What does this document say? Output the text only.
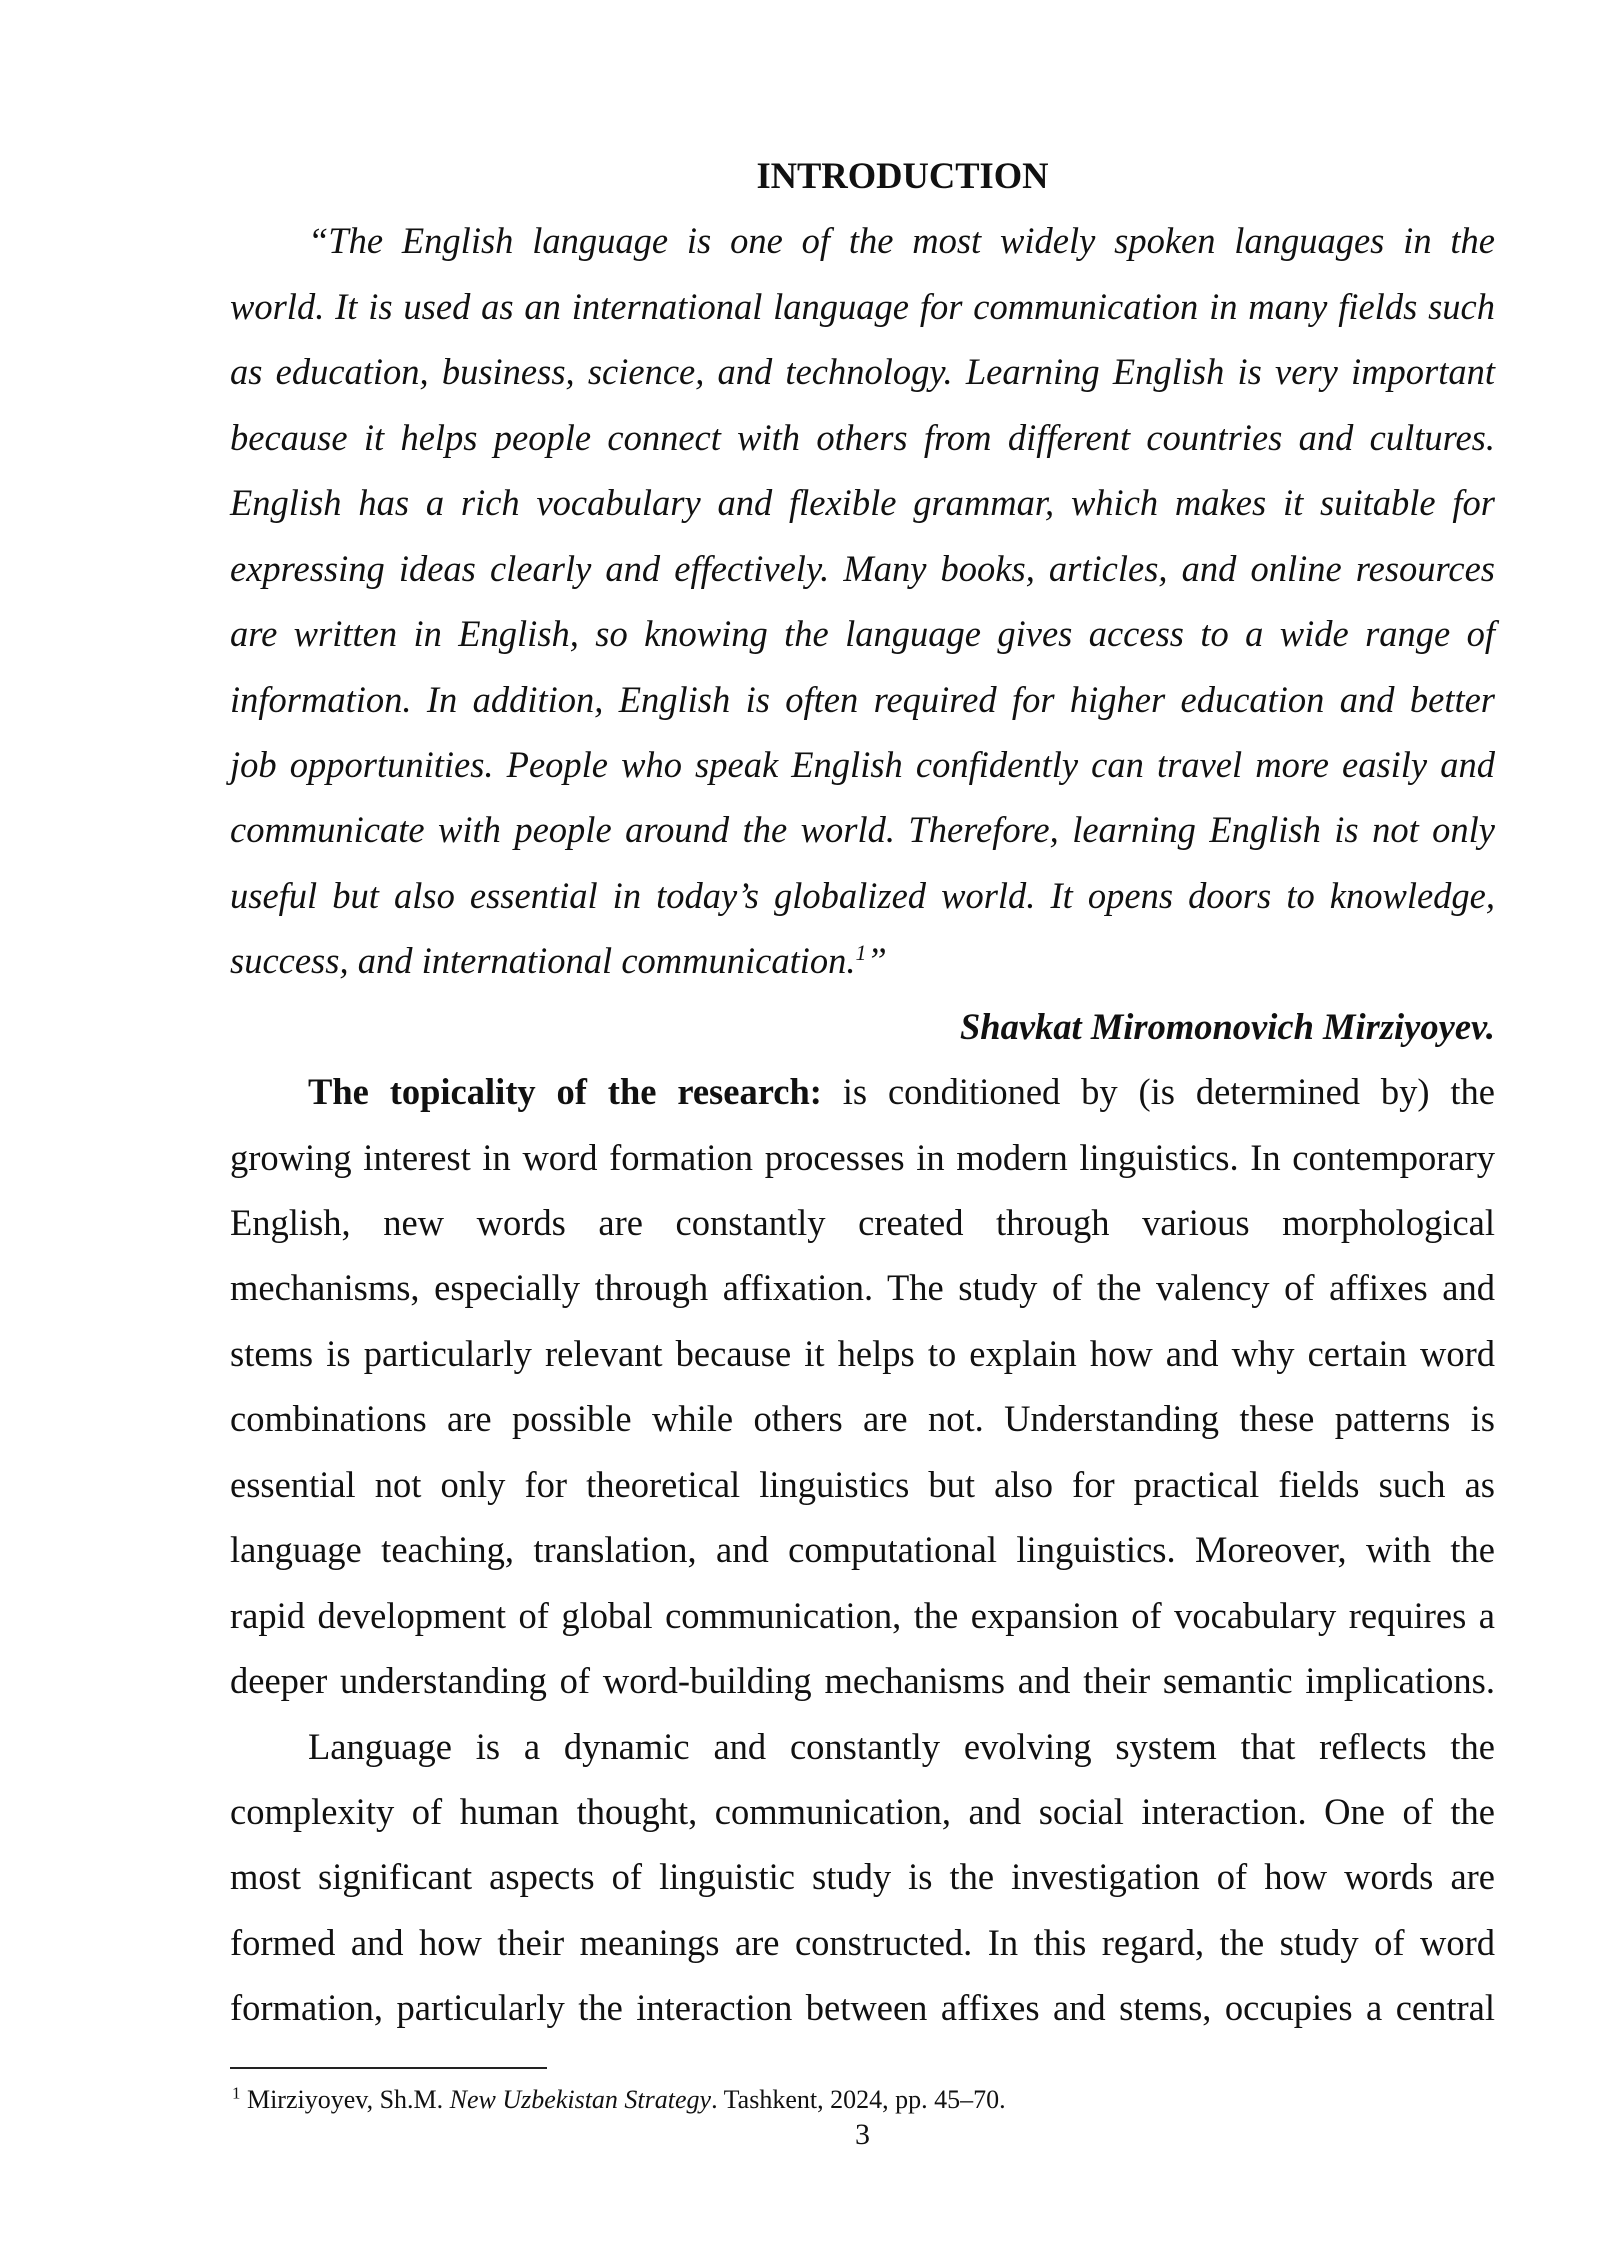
INTRODUCTION
“The English language is one of the most widely spoken languages in the
world. It is used as an international language for communication in many fields such
as education, business, science, and technology. Learning English is very important
because it helps people connect with others from different countries and cultures.
English has a rich vocabulary and flexible grammar, which makes it suitable for
expressing ideas clearly and effectively. Many books, articles, and online resources
are written in English, so knowing the language gives access to a wide range of
information. In addition, English is often required for higher education and better
job opportunities. People who speak English confidently can travel more easily and
communicate with people around the world. Therefore, learning English is not only
useful but also essential in today’s globalized world. It opens doors to knowledge,
success, and international communication.$^1$”
Shavkat Miromonovich Mirziyoyev.
The topicality of the research: is conditioned by (is determined by) the
growing interest in word formation processes in modern linguistics. In contemporary
English, new words are constantly created through various morphological
mechanisms, especially through affixation. The study of the valency of affixes and
stems is particularly relevant because it helps to explain how and why certain word
combinations are possible while others are not. Understanding these patterns is
essential not only for theoretical linguistics but also for practical fields such as
language teaching, translation, and computational linguistics. Moreover, with the
rapid development of global communication, the expansion of vocabulary requires a
deeper understanding of word-building mechanisms and their semantic implications.
Language is a dynamic and constantly evolving system that reflects the
complexity of human thought, communication, and social interaction. One of the
most significant aspects of linguistic study is the investigation of how words are
formed and how their meanings are constructed. In this regard, the study of word
formation, particularly the interaction between affixes and stems, occupies a central
$^1$ Mirziyoyev, Sh.M. New Uzbekistan Strategy. Tashkent, 2024, pp. 45–70.
3
